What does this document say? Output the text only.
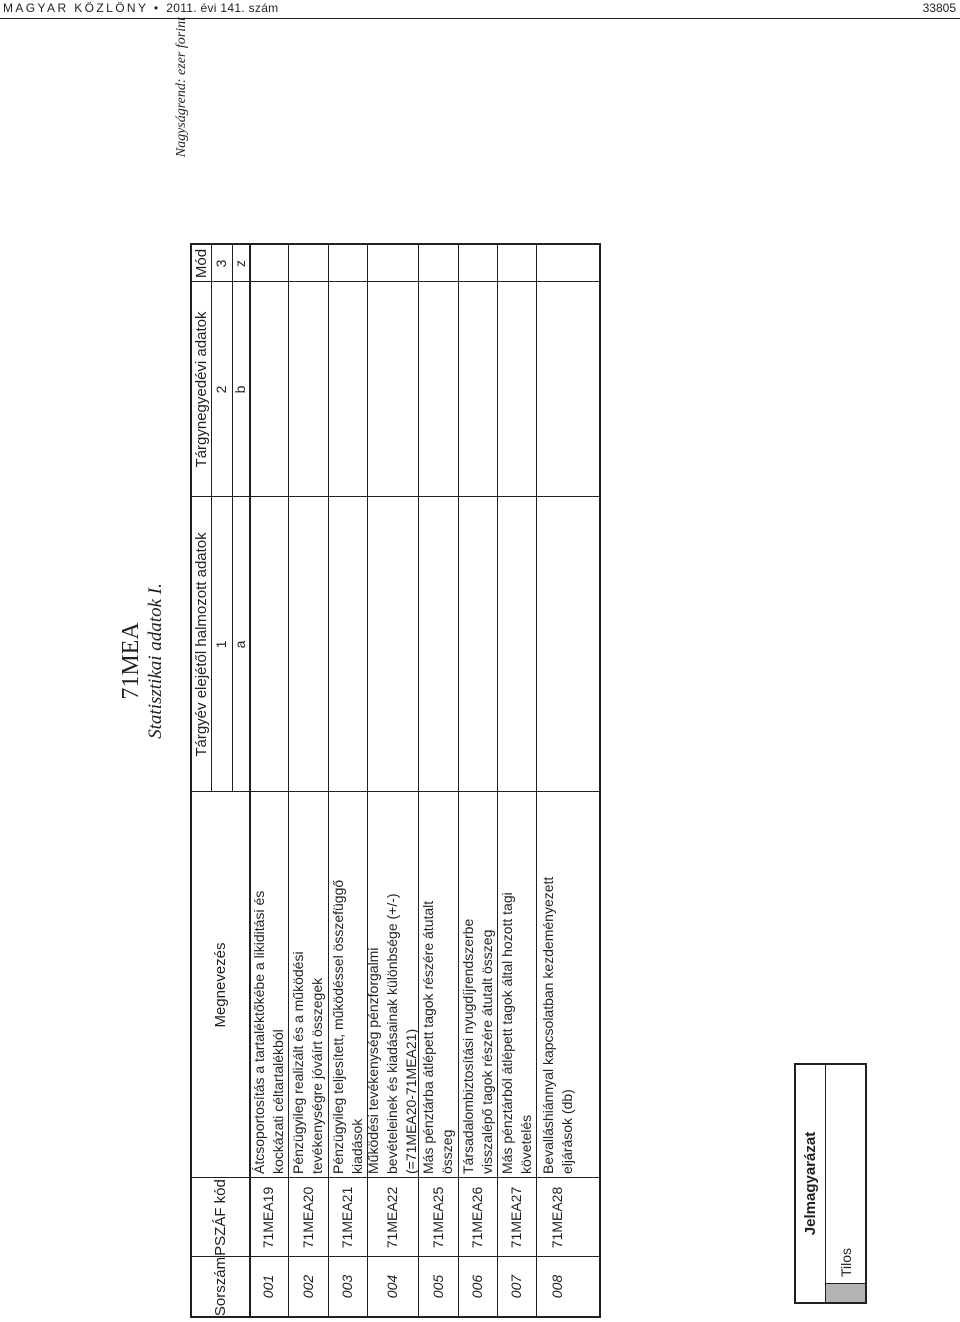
MAGYAR KÖZLÖNY • 2011. évi 141. szám	33805
71MEA Statisztikai adatok I.
Nagyságrend: ezer forint
Sorszám
PSZÁF kód
Megnevezés
Tárgyév elejétől halmozott adatok
Tárgynegyedévi adatok
Mód
1
2
3
a
b
z
001
71MEA19
Átcsoportosítás a tartaléktőkébe a likiditási és kockázati céltartalékból
002
71MEA20
Pénzügyileg realizált és a működési tevékenységre jóváírt összegek
003
71MEA21
Pénzügyileg teljesített, működéssel összefüggő kiadások
004
71MEA22
Működési tevékenység pénzforgalmi bevételeinek és kiadásainak különbsége (+/-) (=71MEA20-71MEA21)
005
71MEA25
Más pénztárba átlépett tagok részére átutalt összeg
006
71MEA26
Társadalombiztosítási nyugdíjrendszerbe visszalépő tagok részére átutalt összeg
007
71MEA27
Más pénztárból átlépett tagok által hozott tagi követelés
008
71MEA28
Bevalláshiánnyal kapcsolatban kezdeményezett eljárások (db)
Jelmagyarázat
Tilos
